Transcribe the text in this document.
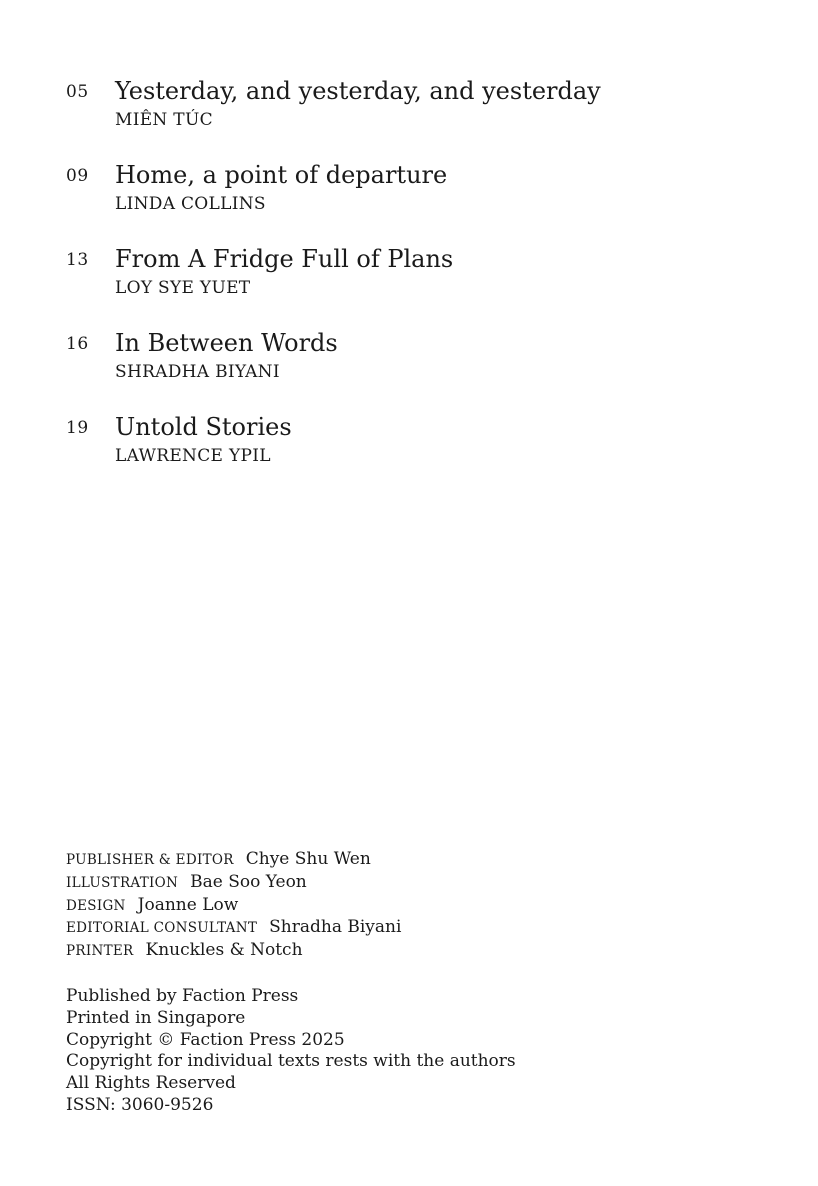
05 Yesterday, and yesterday, and yesterday
MIÊN TÚC
09 Home, a point of departure
LINDA COLLINS
13 From A Fridge Full of Plans
LOY SYE YUET
16 In Between Words
SHRADHA BIYANI
19 Untold Stories
LAWRENCE YPIL
PUBLISHER & EDITOR Chye Shu Wen
ILLUSTRATION Bae Soo Yeon
DESIGN Joanne Low
EDITORIAL CONSULTANT Shradha Biyani
PRINTER Knuckles & Notch
Published by Faction Press
Printed in Singapore
Copyright © Faction Press 2025
Copyright for individual texts rests with the authors
All Rights Reserved
ISSN: 3060-9526
